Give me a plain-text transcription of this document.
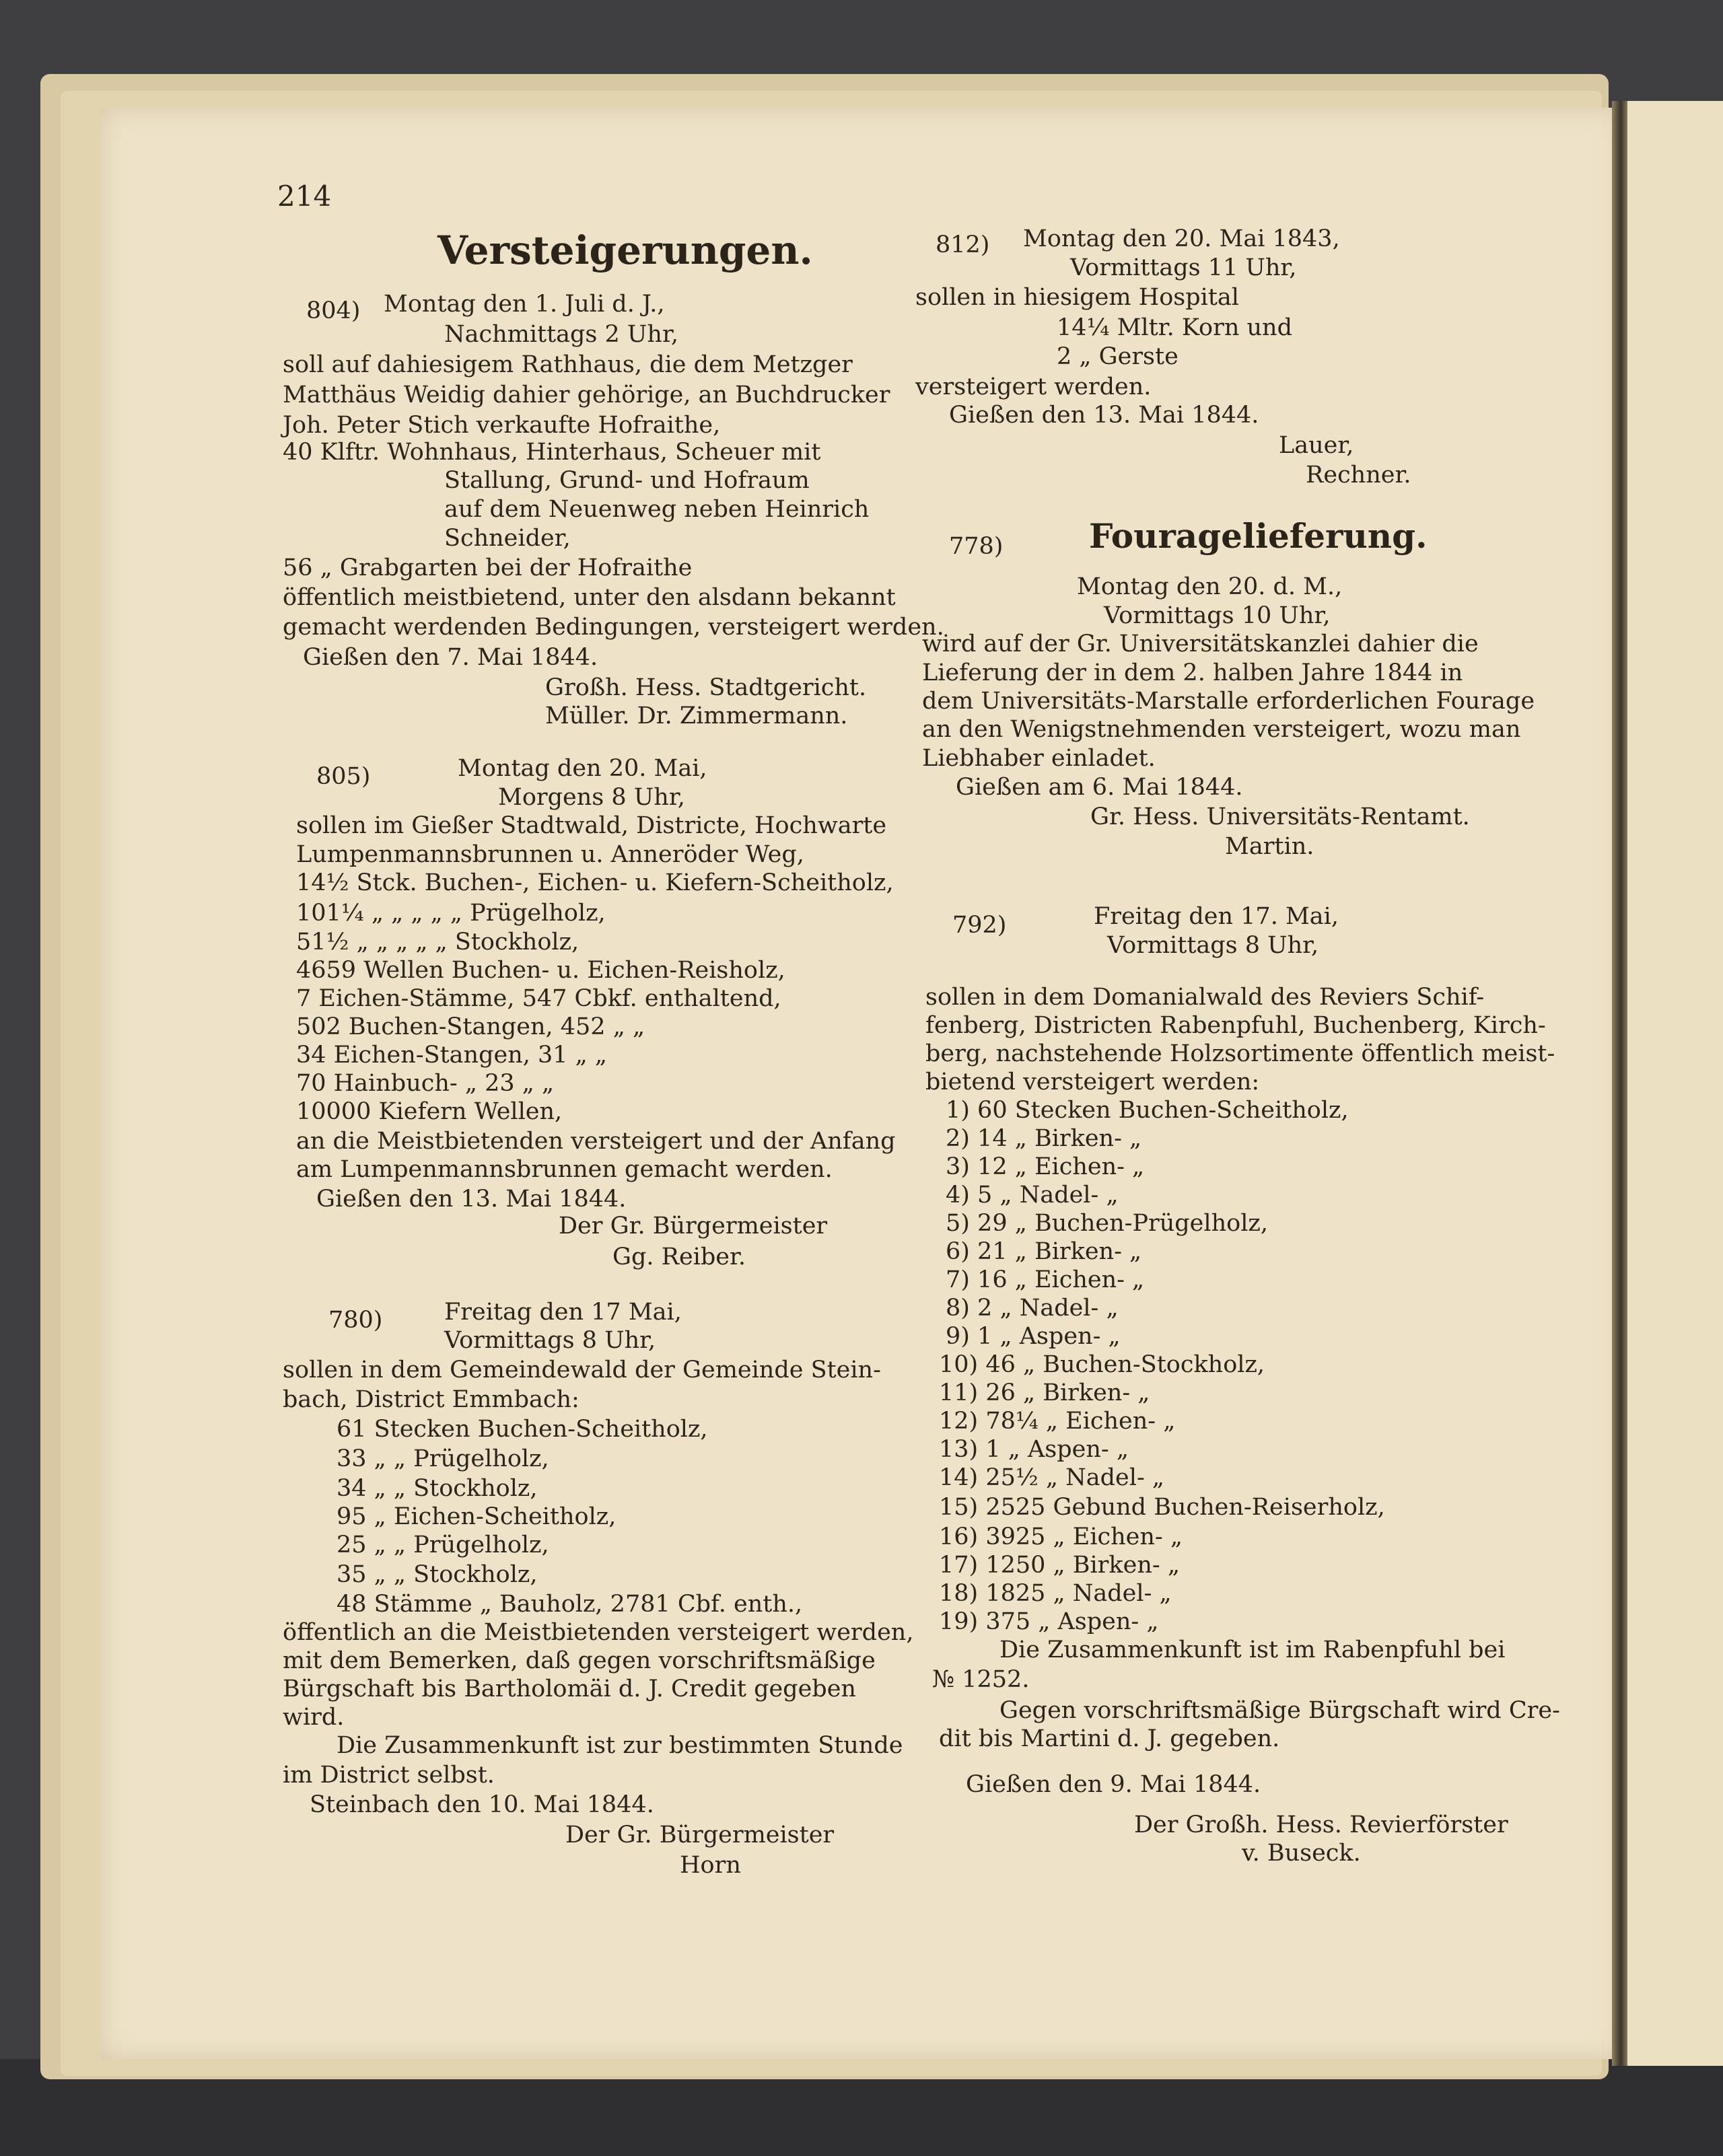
214
Versteigerungen.
804) Montag den 1. Juli d. J.,
Nachmittags 2 Uhr,
soll auf dahiesigem Rathhaus, die dem Metzger
Matthäus Weidig dahier gehörige, an Buchdrucker
Joh. Peter Stich verkaufte Hofraithe,
40 Klftr. Wohnhaus, Hinterhaus, Scheuer mit
Stallung, Grund- und Hofraum
auf dem Neuenweg neben Heinrich
Schneider,
56 „ Grabgarten bei der Hofraithe
öffentlich meistbietend, unter den alsdann bekannt
gemacht werdenden Bedingungen, versteigert werden.
Gießen den 7. Mai 1844.
Großh. Hess. Stadtgericht.
Müller. Dr. Zimmermann.
805)	Montag den 20. Mai,
Morgens 8 Uhr,
sollen im Gießer Stadtwald, Districte, Hochwarte
Lumpenmannsbrunnen u. Anneröder Weg,
14½ Stck. Buchen-, Eichen- u. Kiefern-Scheitholz,
101¼ „ „ „ „ „ Prügelholz,
51½ „ „ „ „ „ Stockholz,
4659 Wellen Buchen- u. Eichen-Reisholz,
7 Eichen-Stämme, 547 Cbkf. enthaltend,
502 Buchen-Stangen, 452 „ „
34 Eichen-Stangen, 31 „ „
70 Hainbuch- „ 23 „ „
10000 Kiefern Wellen,
an die Meistbietenden versteigert und der Anfang
am Lumpenmannsbrunnen gemacht werden.
Gießen den 13. Mai 1844.
Der Gr. Bürgermeister
Gg. Reiber.
780)	Freitag den 17 Mai,
Vormittags 8 Uhr,
sollen in dem Gemeindewald der Gemeinde Stein-
bach, District Emmbach:
61 Stecken Buchen-Scheitholz,
33 „ „ Prügelholz,
34 „ „ Stockholz,
95 „ Eichen-Scheitholz,
25 „ „ Prügelholz,
35 „ „ Stockholz,
48 Stämme „ Bauholz, 2781 Cbf. enth.,
öffentlich an die Meistbietenden versteigert werden,
mit dem Bemerken, daß gegen vorschriftsmäßige
Bürgschaft bis Bartholomäi d. J. Credit gegeben
wird.
Die Zusammenkunft ist zur bestimmten Stunde
im District selbst.
Steinbach den 10. Mai 1844.
Der Gr. Bürgermeister
Horn
812) Montag den 20. Mai 1843,
Vormittags 11 Uhr,
sollen in hiesigem Hospital
14¼ Mltr. Korn und
2 „ Gerste
versteigert werden.
Gießen den 13. Mai 1844.
Lauer,
Rechner.
778)	Fouragelieferung.
Montag den 20. d. M.,
Vormittags 10 Uhr,
wird auf der Gr. Universitätskanzlei dahier die
Lieferung der in dem 2. halben Jahre 1844 in
dem Universitäts-Marstalle erforderlichen Fourage
an den Wenigstnehmenden versteigert, wozu man
Liebhaber einladet.
Gießen am 6. Mai 1844.
Gr. Hess. Universitäts-Rentamt.
Martin.
792)	Freitag den 17. Mai,
Vormittags 8 Uhr,
sollen in dem Domanialwald des Reviers Schif-
fenberg, Districten Rabenpfuhl, Buchenberg, Kirch-
berg, nachstehende Holzsortimente öffentlich meist-
bietend versteigert werden:
1) 60 Stecken Buchen-Scheitholz,
2) 14 „ Birken- „
3) 12 „ Eichen- „
4) 5 „ Nadel- „
5) 29 „ Buchen-Prügelholz,
6) 21 „ Birken- „
7) 16 „ Eichen- „
8) 2 „ Nadel- „
9) 1 „ Aspen- „
10) 46 „ Buchen-Stockholz,
11) 26 „ Birken- „
12) 78¼ „ Eichen- „
13) 1 „ Aspen- „
14) 25½ „ Nadel- „
15) 2525 Gebund Buchen-Reiserholz,
16) 3925 „ Eichen- „
17) 1250 „ Birken- „
18) 1825 „ Nadel- „
19) 375 „ Aspen- „
Die Zusammenkunft ist im Rabenpfuhl bei
№ 1252.
Gegen vorschriftsmäßige Bürgschaft wird Cre-
dit bis Martini d. J. gegeben.
Gießen den 9. Mai 1844.
Der Großh. Hess. Revierförster
v. Buseck.
